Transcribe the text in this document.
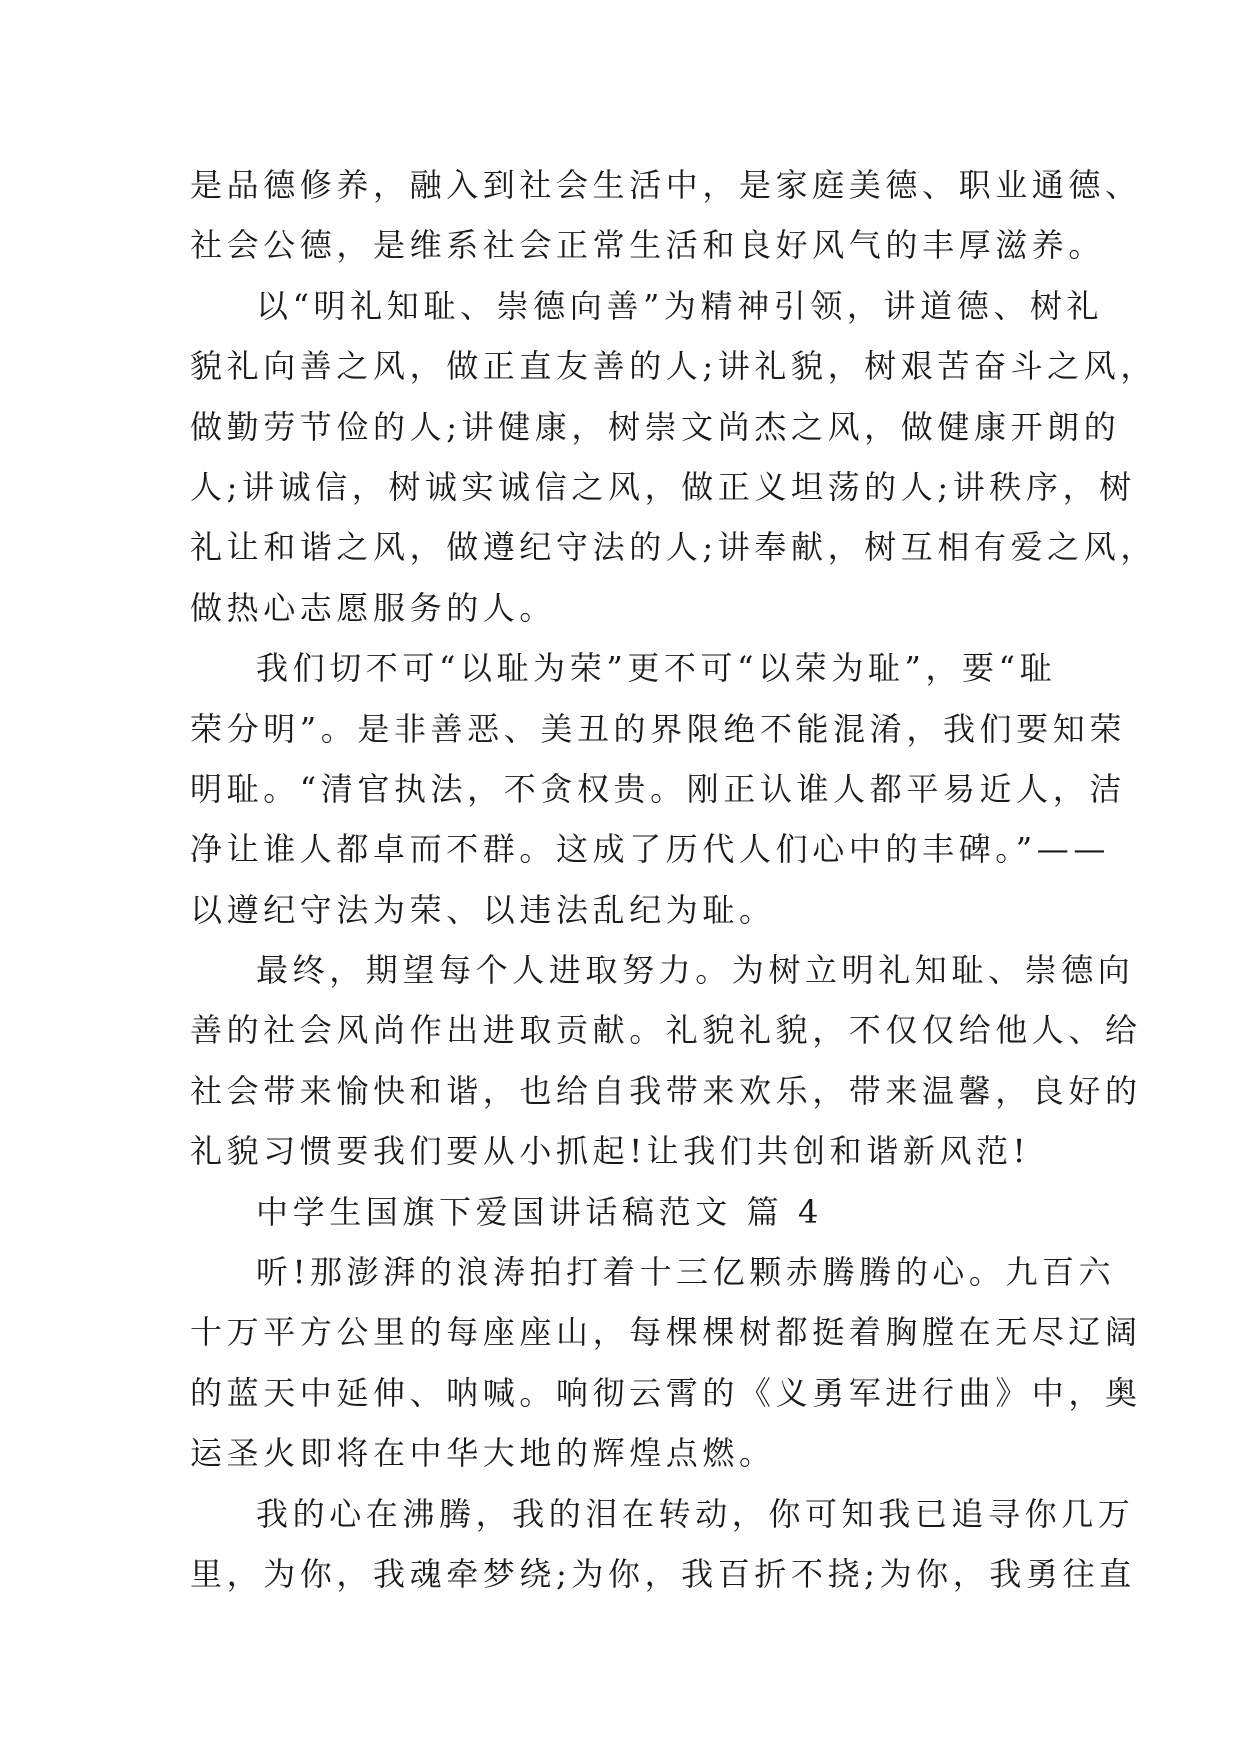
是品德修养，融入到社会生活中，是家庭美德、职业通德、
社会公德，是维系社会正常生活和良好风气的丰厚滋养。
以“明礼知耻、崇德向善”为精神引领，讲道德、树礼
貌礼向善之风，做正直友善的人;讲礼貌，树艰苦奋斗之风，
做勤劳节俭的人;讲健康，树崇文尚杰之风，做健康开朗的
人;讲诚信，树诚实诚信之风，做正义坦荡的人;讲秩序，树
礼让和谐之风，做遵纪守法的人;讲奉献，树互相有爱之风，
做热心志愿服务的人。
我们切不可“以耻为荣”更不可“以荣为耻”，要“耻
荣分明”。是非善恶、美丑的界限绝不能混淆，我们要知荣
明耻。“清官执法，不贪权贵。刚正认谁人都平易近人，洁
净让谁人都卓而不群。这成了历代人们心中的丰碑。”——
以遵纪守法为荣、以违法乱纪为耻。
最终，期望每个人进取努力。为树立明礼知耻、崇德向
善的社会风尚作出进取贡献。礼貌礼貌，不仅仅给他人、给
社会带来愉快和谐，也给自我带来欢乐，带来温馨，良好的
礼貌习惯要我们要从小抓起!让我们共创和谐新风范!
中学生国旗下爱国讲话稿范文 篇 4
听!那澎湃的浪涛拍打着十三亿颗赤腾腾的心。九百六
十万平方公里的每座座山，每棵棵树都挺着胸膛在无尽辽阔
的蓝天中延伸、呐喊。响彻云霄的《义勇军进行曲》中，奥
运圣火即将在中华大地的辉煌点燃。
我的心在沸腾，我的泪在转动，你可知我已追寻你几万
里，为你，我魂牵梦绕;为你，我百折不挠;为你，我勇往直
